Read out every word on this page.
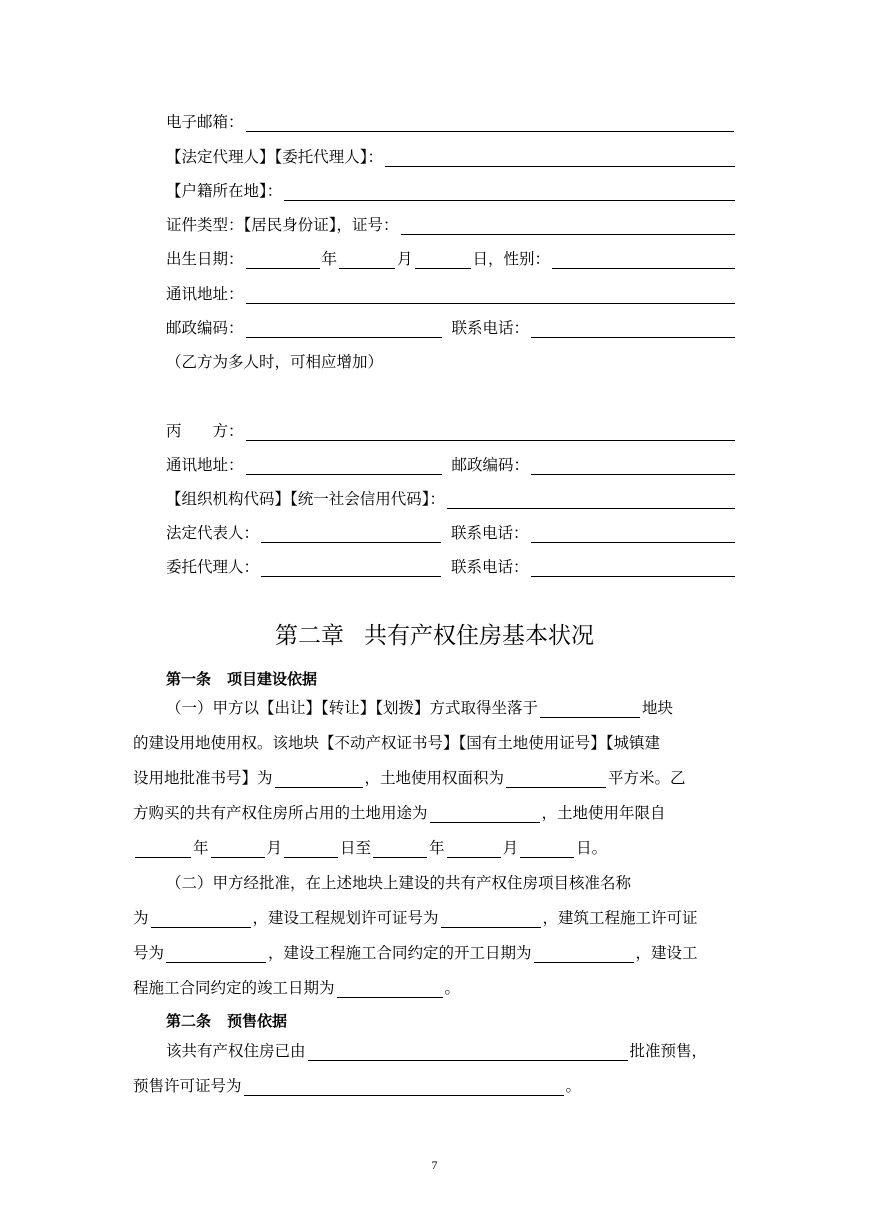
电子邮箱：
【法定代理人】【委托代理人】：
【户籍所在地】：
证件类型：【居民身份证】，证号：
出生日期：	年	月	日，性别：
通讯地址：
邮政编码：	联系电话：
（乙方为多人时，可相应增加）
丙　　方：
通讯地址：	邮政编码：
【组织机构代码】【统一社会信用代码】：
法定代表人：	联系电话：
委托代理人：	联系电话：
第二章 共有产权住房基本状况
第一条 项目建设依据
（一）甲方以【出让】【转让】【划拨】方式取得坐落于	地块
的建设用地使用权。该地块【不动产权证书号】【国有土地使用证号】【城镇建
设用地批准书号】为	，土地使用权面积为	平方米。乙
方购买的共有产权住房所占用的土地用途为	，土地使用年限自
年	月	日至	年	月	日。
（二）甲方经批准，在上述地块上建设的共有产权住房项目核准名称
为	，建设工程规划许可证号为	，建筑工程施工许可证
号为	，建设工程施工合同约定的开工日期为	，建设工
程施工合同约定的竣工日期为	。
第二条 预售依据
该共有产权住房已由	批准预售，
预售许可证号为	。
7
